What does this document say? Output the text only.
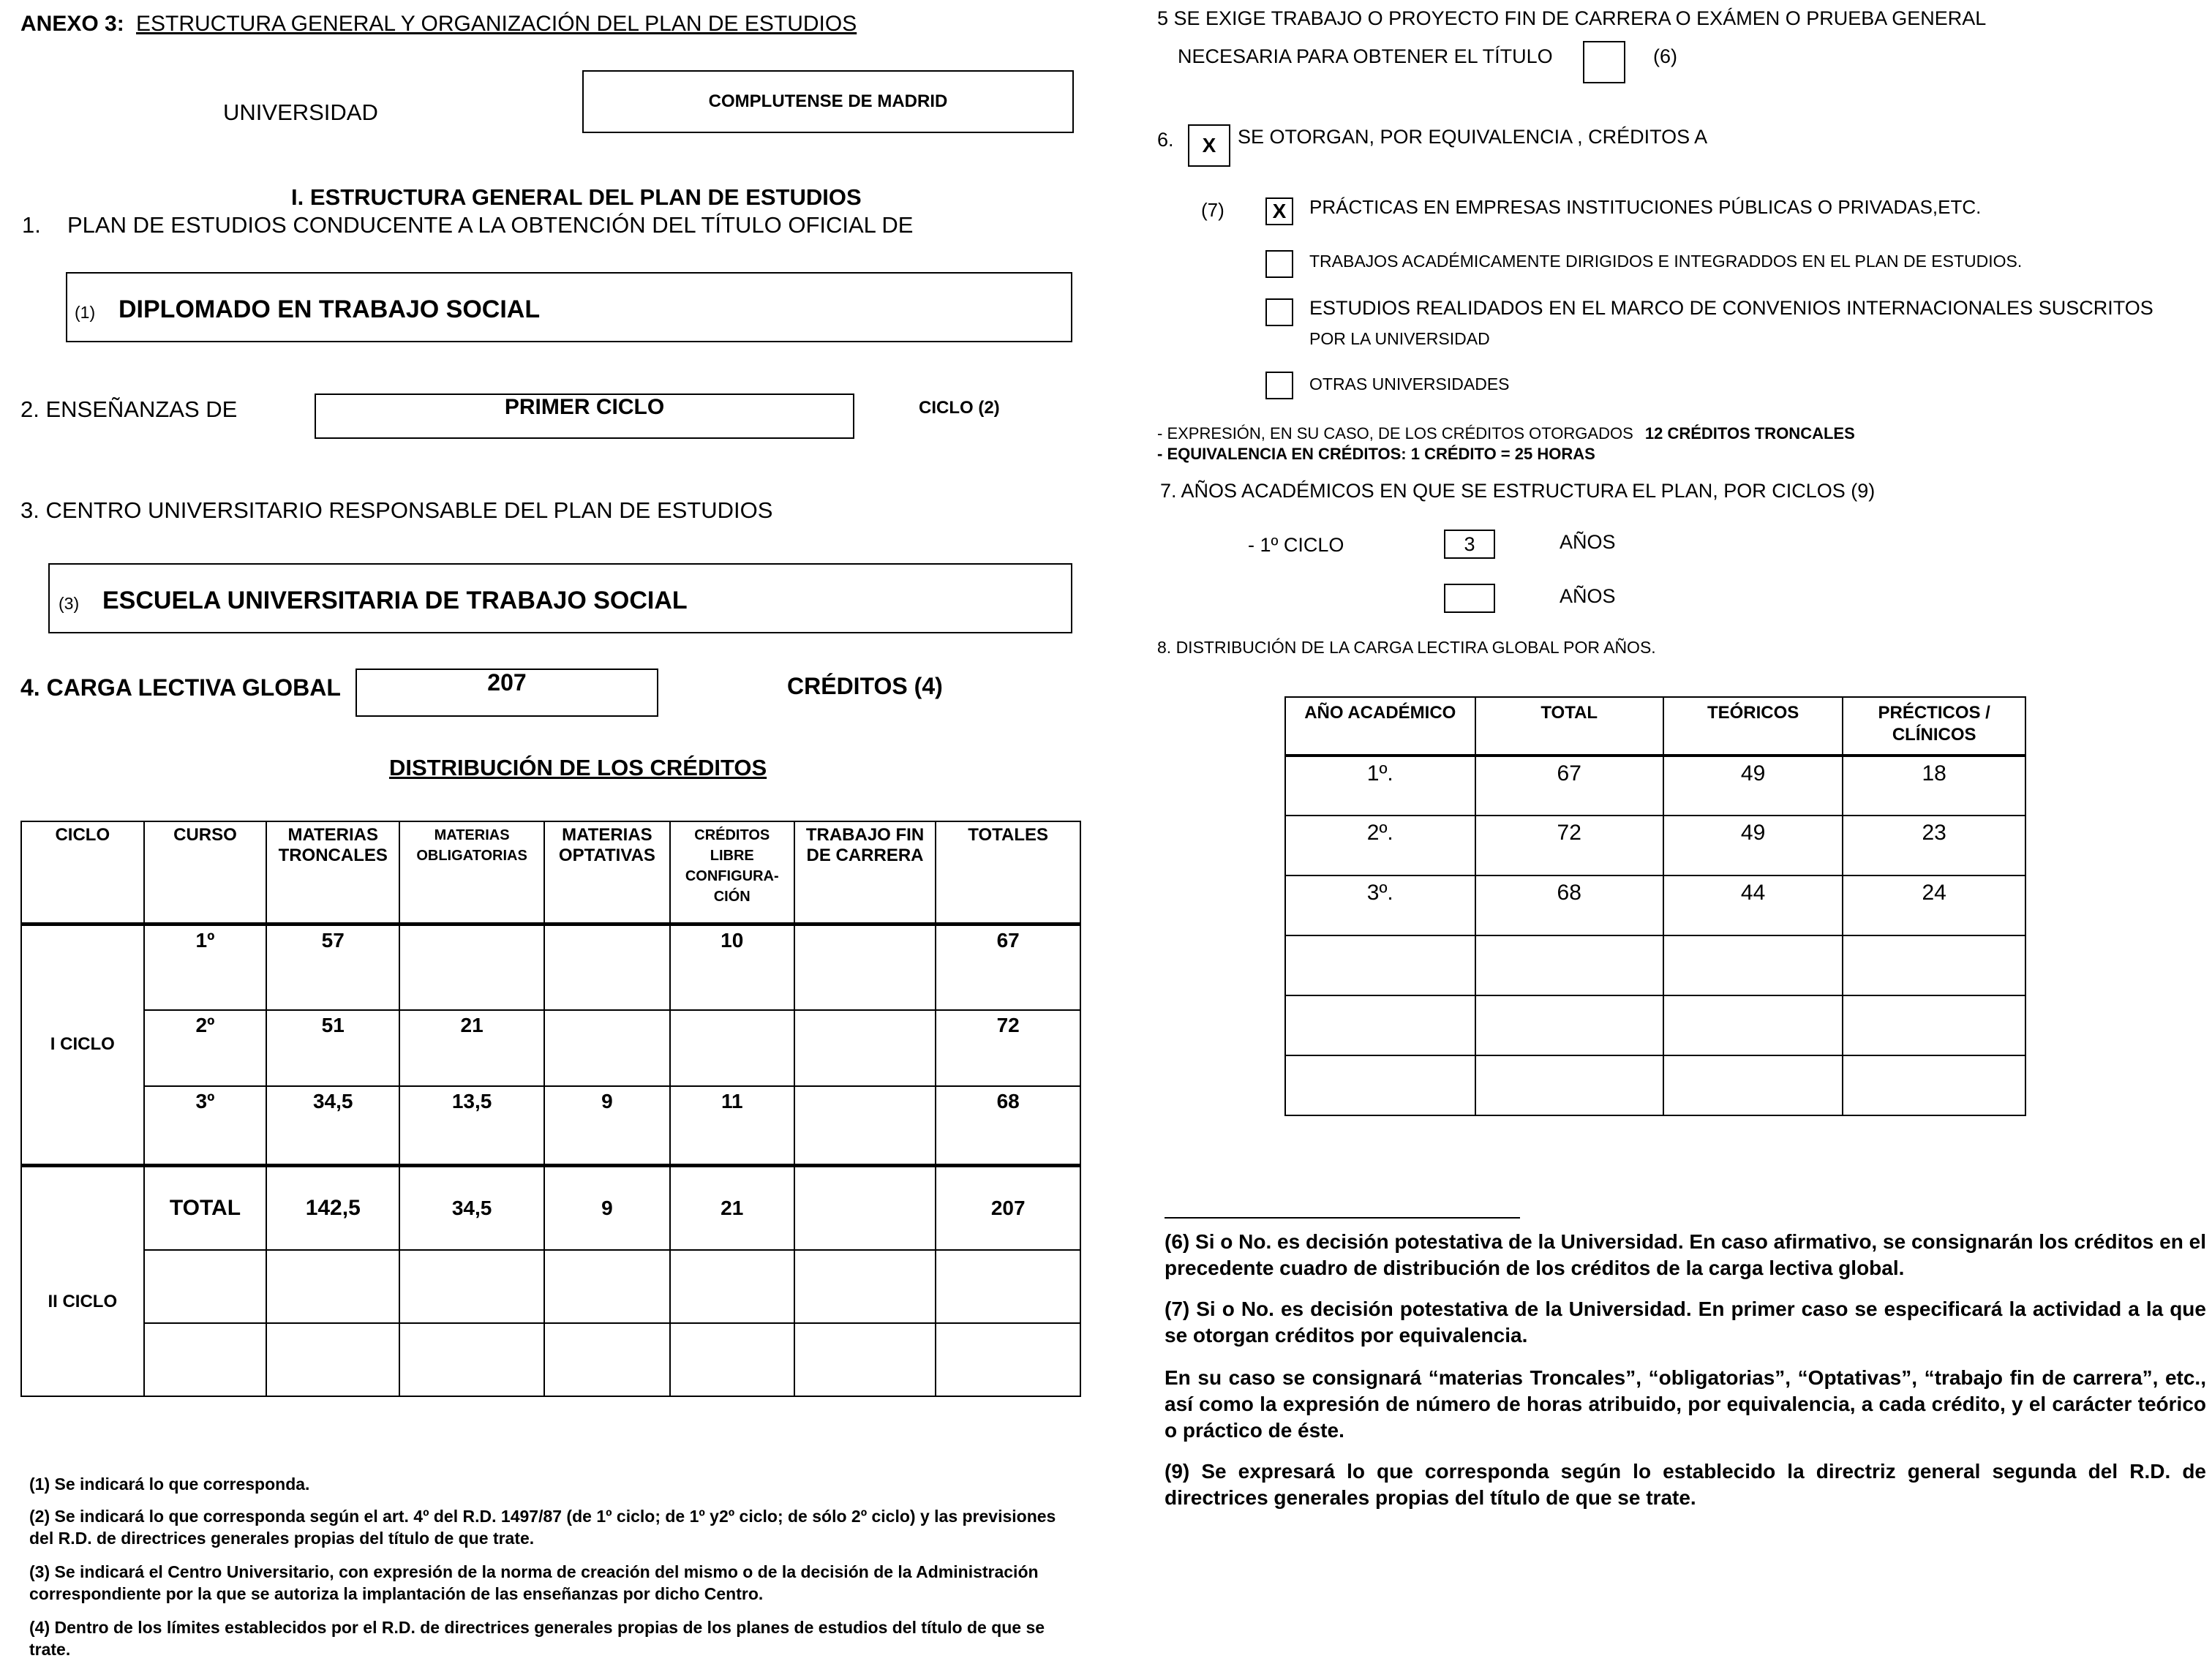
ANEXO 3: ESTRUCTURA GENERAL Y ORGANIZACIÓN DEL PLAN DE ESTUDIOS
UNIVERSIDAD	COMPLUTENSE DE MADRID
I. ESTRUCTURA GENERAL DEL PLAN DE ESTUDIOS
1. PLAN DE ESTUDIOS CONDUCENTE A LA OBTENCIÓN DEL TÍTULO OFICIAL DE
(1) DIPLOMADO EN TRABAJO SOCIAL
2. ENSEÑANZAS DE	PRIMER CICLO	CICLO (2)
3. CENTRO UNIVERSITARIO RESPONSABLE DEL PLAN DE ESTUDIOS
(3) ESCUELA UNIVERSITARIA DE TRABAJO SOCIAL
4. CARGA LECTIVA GLOBAL	207	CRÉDITOS (4)
DISTRIBUCIÓN DE LOS CRÉDITOS
CICLO	CURSO	MATERIAS TRONCALES	MATERIAS OBLIGATORIAS	MATERIAS OPTATIVAS	CRÉDITOS LIBRE CONFIGURA-CIÓN	TRABAJO FIN DE CARRERA	TOTALES
I CICLO	1º	57			10		67
	2º	51	21				72
	3º	34,5	13,5	9	11		68
II CICLO	TOTAL	142,5	34,5	9	21		207

(1) Se indicará lo que corresponda.
(2) Se indicará lo que corresponda según el art. 4º del R.D. 1497/87 (de 1º ciclo; de 1º y2º ciclo; de sólo 2º ciclo) y las previsiones del R.D. de directrices generales propias del título de que trate.
(3) Se indicará el Centro Universitario, con expresión de la norma de creación del mismo o de la decisión de la Administración correspondiente por la que se autoriza la implantación de las enseñanzas por dicho Centro.
(4) Dentro de los límites establecidos por el R.D. de directrices generales propias de los planes de estudios del título de que se trate.
5 SE EXIGE TRABAJO O PROYECTO FIN DE CARRERA O EXÁMEN O PRUEBA GENERAL
NECESARIA PARA OBTENER EL TÍTULO	(6)
6.	X	SE OTORGAN, POR EQUIVALENCIA , CRÉDITOS A
(7)	X	PRÁCTICAS EN EMPRESAS INSTITUCIONES PÚBLICAS O PRIVADAS,ETC.
TRABAJOS ACADÉMICAMENTE DIRIGIDOS E INTEGRADDOS EN EL PLAN DE ESTUDIOS.
ESTUDIOS REALIDADOS EN EL MARCO DE CONVENIOS INTERNACIONALES SUSCRITOS
POR LA UNIVERSIDAD
OTRAS UNIVERSIDADES
- EXPRESIÓN, EN SU CASO, DE LOS CRÉDITOS OTORGADOS 12 CRÉDITOS TRONCALES
- EQUIVALENCIA EN CRÉDITOS: 1 CRÉDITO = 25 HORAS
7. AÑOS ACADÉMICOS EN QUE SE ESTRUCTURA EL PLAN, POR CICLOS (9)
- 1º CICLO	3	AÑOS
AÑOS
8. DISTRIBUCIÓN DE LA CARGA LECTIRA GLOBAL POR AÑOS.
AÑO ACADÉMICO	TOTAL	TEÓRICOS	PRÉCTICOS / CLÍNICOS
1º.	67	49	18
2º.	72	49	23
3º.	68	44	24

(6) Si o No. es decisión potestativa de la Universidad. En caso afirmativo, se consignarán los créditos en el precedente cuadro de distribución de los créditos de la carga lectiva global.
(7) Si o No. es decisión potestativa de la Universidad. En primer caso se especificará la actividad a la que se otorgan créditos por equivalencia.
En su caso se consignará “materias Troncales”, “obligatorias”, “Optativas”, “trabajo fin de carrera”, etc., así como la expresión de número de horas atribuido, por equivalencia, a cada crédito, y el carácter teórico o práctico de éste.
(9) Se expresará lo que corresponda según lo establecido la directriz general segunda del R.D. de directrices generales propias del título de que se trate.
